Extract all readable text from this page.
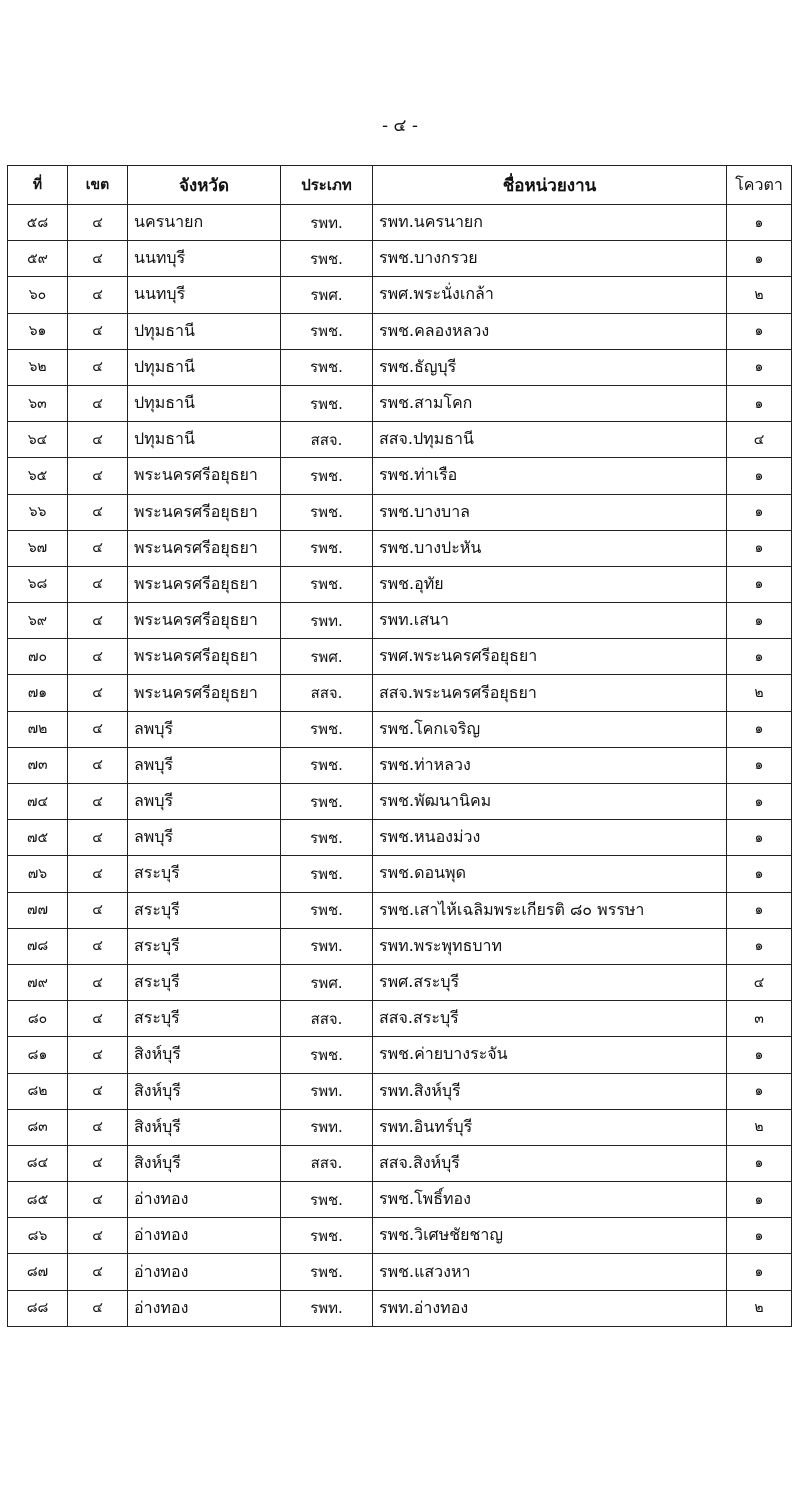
- ๔ -
ที่	เขต	จังหวัด	ประเภท	ชื่อหน่วยงาน	โควตา
๕๘	๔	นครนายก	รพท.	รพท.นครนายก	๑
๕๙	๔	นนทบุรี	รพช.	รพช.บางกรวย	๑
๖๐	๔	นนทบุรี	รพศ.	รพศ.พระนั่งเกล้า	๒
๖๑	๔	ปทุมธานี	รพช.	รพช.คลองหลวง	๑
๖๒	๔	ปทุมธานี	รพช.	รพช.ธัญบุรี	๑
๖๓	๔	ปทุมธานี	รพช.	รพช.สามโคก	๑
๖๔	๔	ปทุมธานี	สสจ.	สสจ.ปทุมธานี	๔
๖๕	๔	พระนครศรีอยุธยา	รพช.	รพช.ท่าเรือ	๑
๖๖	๔	พระนครศรีอยุธยา	รพช.	รพช.บางบาล	๑
๖๗	๔	พระนครศรีอยุธยา	รพช.	รพช.บางปะหัน	๑
๖๘	๔	พระนครศรีอยุธยา	รพช.	รพช.อุทัย	๑
๖๙	๔	พระนครศรีอยุธยา	รพท.	รพท.เสนา	๑
๗๐	๔	พระนครศรีอยุธยา	รพศ.	รพศ.พระนครศรีอยุธยา	๑
๗๑	๔	พระนครศรีอยุธยา	สสจ.	สสจ.พระนครศรีอยุธยา	๒
๗๒	๔	ลพบุรี	รพช.	รพช.โคกเจริญ	๑
๗๓	๔	ลพบุรี	รพช.	รพช.ท่าหลวง	๑
๗๔	๔	ลพบุรี	รพช.	รพช.พัฒนานิคม	๑
๗๕	๔	ลพบุรี	รพช.	รพช.หนองม่วง	๑
๗๖	๔	สระบุรี	รพช.	รพช.ดอนพุด	๑
๗๗	๔	สระบุรี	รพช.	รพช.เสาไห้เฉลิมพระเกียรติ ๘๐ พรรษา	๑
๗๘	๔	สระบุรี	รพท.	รพท.พระพุทธบาท	๑
๗๙	๔	สระบุรี	รพศ.	รพศ.สระบุรี	๔
๘๐	๔	สระบุรี	สสจ.	สสจ.สระบุรี	๓
๘๑	๔	สิงห์บุรี	รพช.	รพช.ค่ายบางระจัน	๑
๘๒	๔	สิงห์บุรี	รพท.	รพท.สิงห์บุรี	๑
๘๓	๔	สิงห์บุรี	รพท.	รพท.อินทร์บุรี	๒
๘๔	๔	สิงห์บุรี	สสจ.	สสจ.สิงห์บุรี	๑
๘๕	๔	อ่างทอง	รพช.	รพช.โพธิ์ทอง	๑
๘๖	๔	อ่างทอง	รพช.	รพช.วิเศษชัยชาญ	๑
๘๗	๔	อ่างทอง	รพช.	รพช.แสวงหา	๑
๘๘	๔	อ่างทอง	รพท.	รพท.อ่างทอง	๒
